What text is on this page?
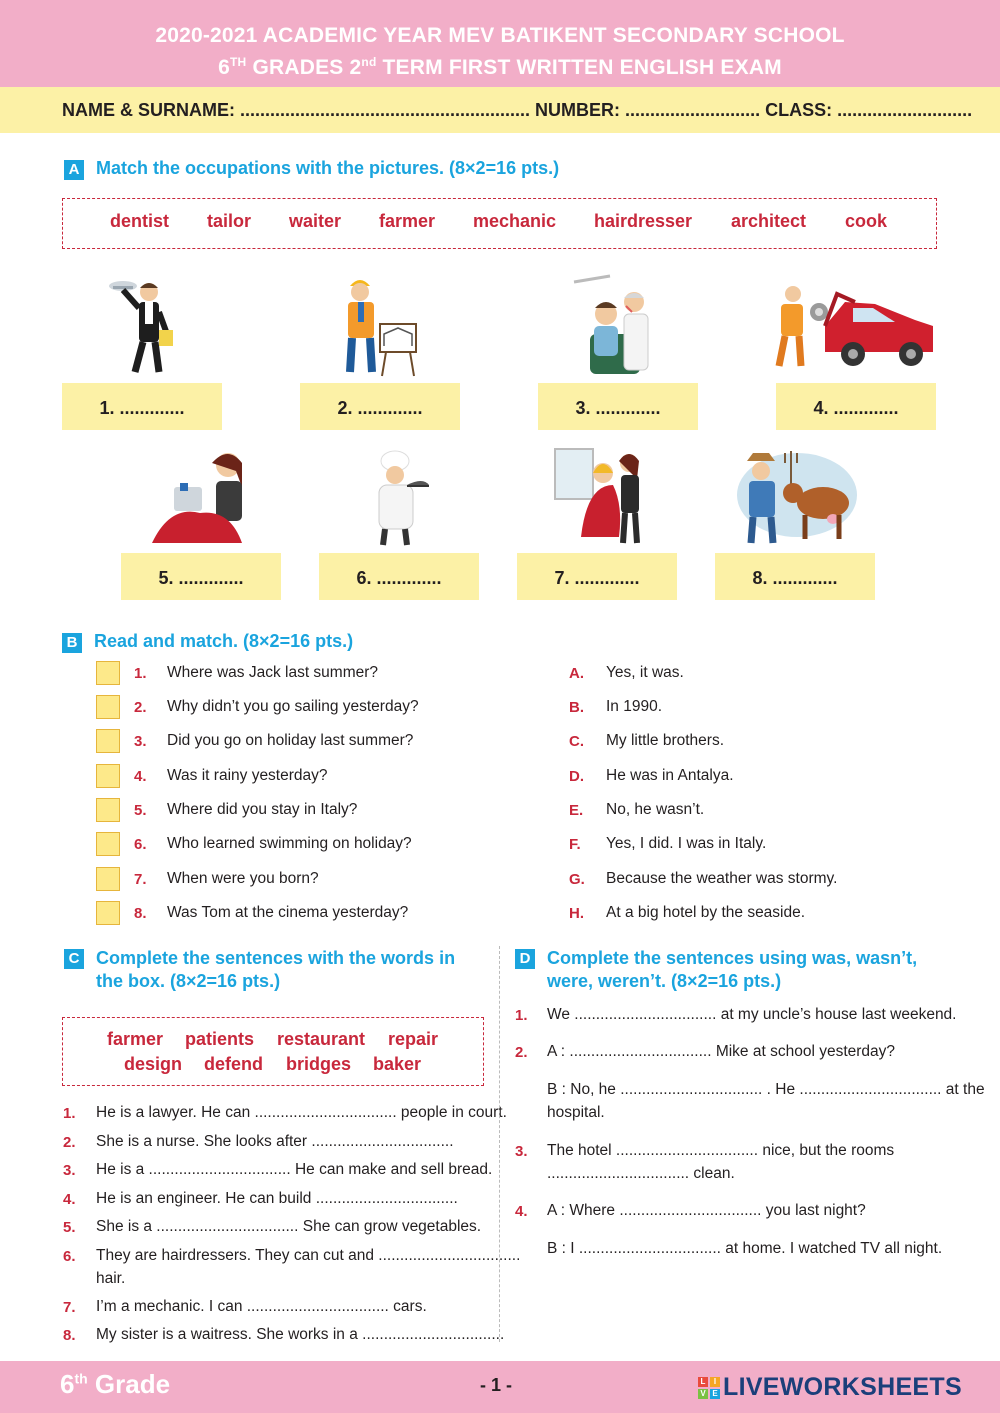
2020-2021 ACADEMIC YEAR MEV BATIKENT SECONDARY SCHOOL
6TH GRADES 2nd TERM FIRST WRITTEN ENGLISH EXAM
NAME & SURNAME: .......................................................... NUMBER: ........................... CLASS: ...........................
A Match the occupations with the pictures. (8×2=16 pts.)
dentist tailor waiter farmer mechanic hairdresser architect cook
1. .............	2. .............	3. .............	4. .............
5. .............	6. .............	7. .............	8. .............
B Read and match. (8×2=16 pts.)
1. Where was Jack last summer?
2. Why didn’t you go sailing yesterday?
3. Did you go on holiday last summer?
4. Was it rainy yesterday?
5. Where did you stay in Italy?
6. Who learned swimming on holiday?
7. When were you born?
8. Was Tom at the cinema yesterday?
A. Yes, it was.
B. In 1990.
C. My little brothers.
D. He was in Antalya.
E. No, he wasn’t.
F. Yes, I did. I was in Italy.
G. Because the weather was stormy.
H. At a big hotel by the seaside.
C Complete the sentences with the words in
the box. (8×2=16 pts.)
farmer patients restaurant repair
design defend bridges baker
1. He is a lawyer. He can ................................. people in court.
2. She is a nurse. She looks after .................................
3. He is a ................................. He can make and sell bread.
4. He is an engineer. He can build .................................
5. She is a ................................. She can grow vegetables.
6. They are hairdressers. They can cut and .................................
hair.
7. I’m a mechanic. I can ................................. cars.
8. My sister is a waitress. She works in a .................................
D Complete the sentences using was, wasn’t,
were, weren’t. (8×2=16 pts.)
1. We ................................. at my uncle’s house last weekend.
2. A : ................................. Mike at school yesterday?
B : No, he ................................. . He ................................. at the
hospital.
3. The hotel ................................. nice, but the rooms
................................. clean.
4. A : Where ................................. you last night?
B : I ................................. at home. I watched TV all night.
6th Grade	- 1 -	L	I
V E LIVEWORKSHEETS
